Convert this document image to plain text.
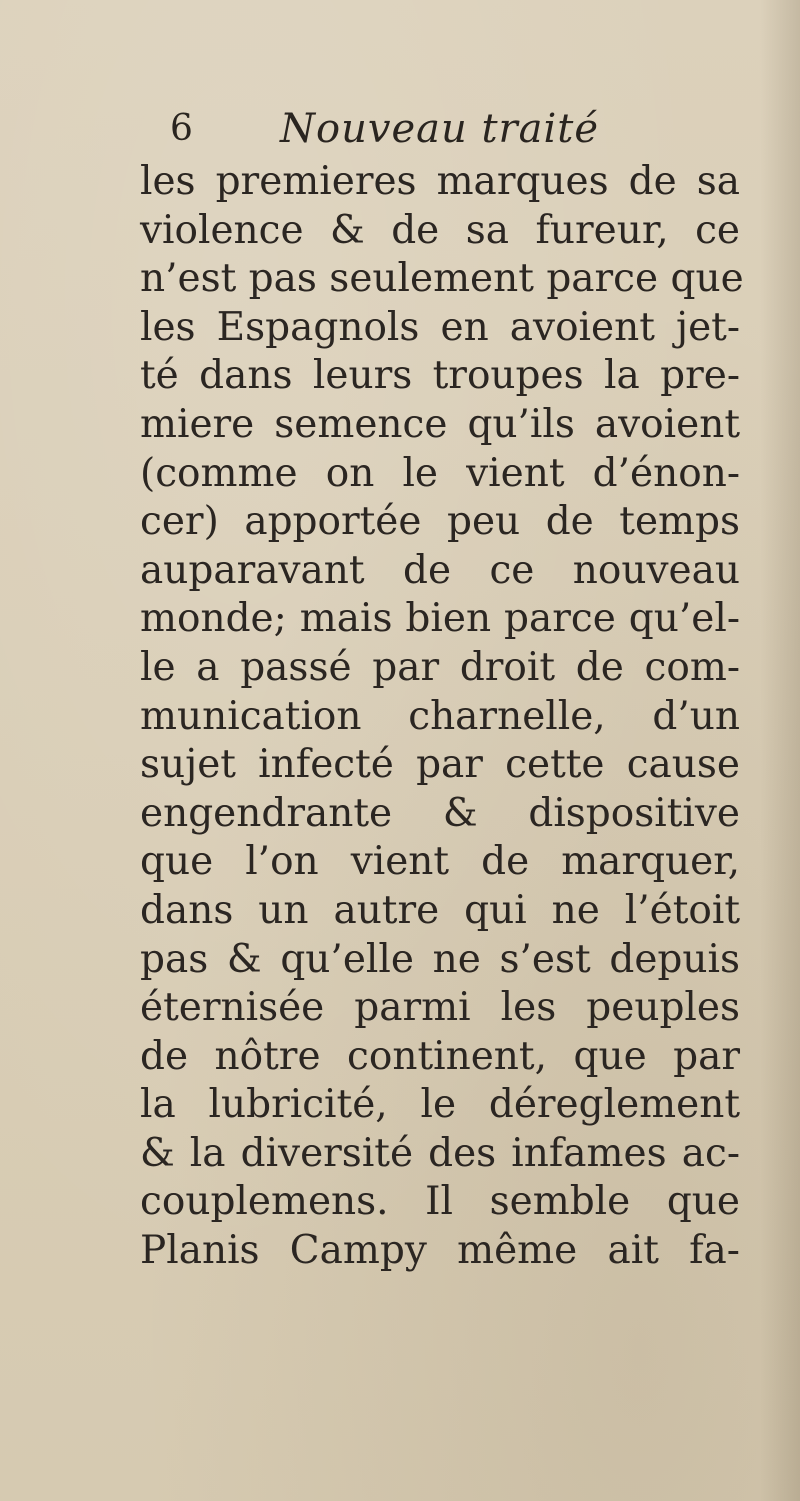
6 Nouveau traité
les premieres marques de sa
violence & de sa fureur, ce
n’est pas seulement parce que
les Espagnols en avoient jet-
té dans leurs troupes la pre-
miere semence qu’ils avoient
(comme on le vient d’énon-
cer) apportée peu de temps
auparavant de ce nouveau
monde; mais bien parce qu’el-
le a passé par droit de com-
munication charnelle, d’un
sujet infecté par cette cause
engendrante & dispositive
que l’on vient de marquer,
dans un autre qui ne l’étoit
pas & qu’elle ne s’est depuis
éternisée parmi les peuples
de nôtre continent, que par
la lubricité, le déreglement
& la diversité des infames ac-
couplemens. Il semble que
Planis Campy même ait fa-
